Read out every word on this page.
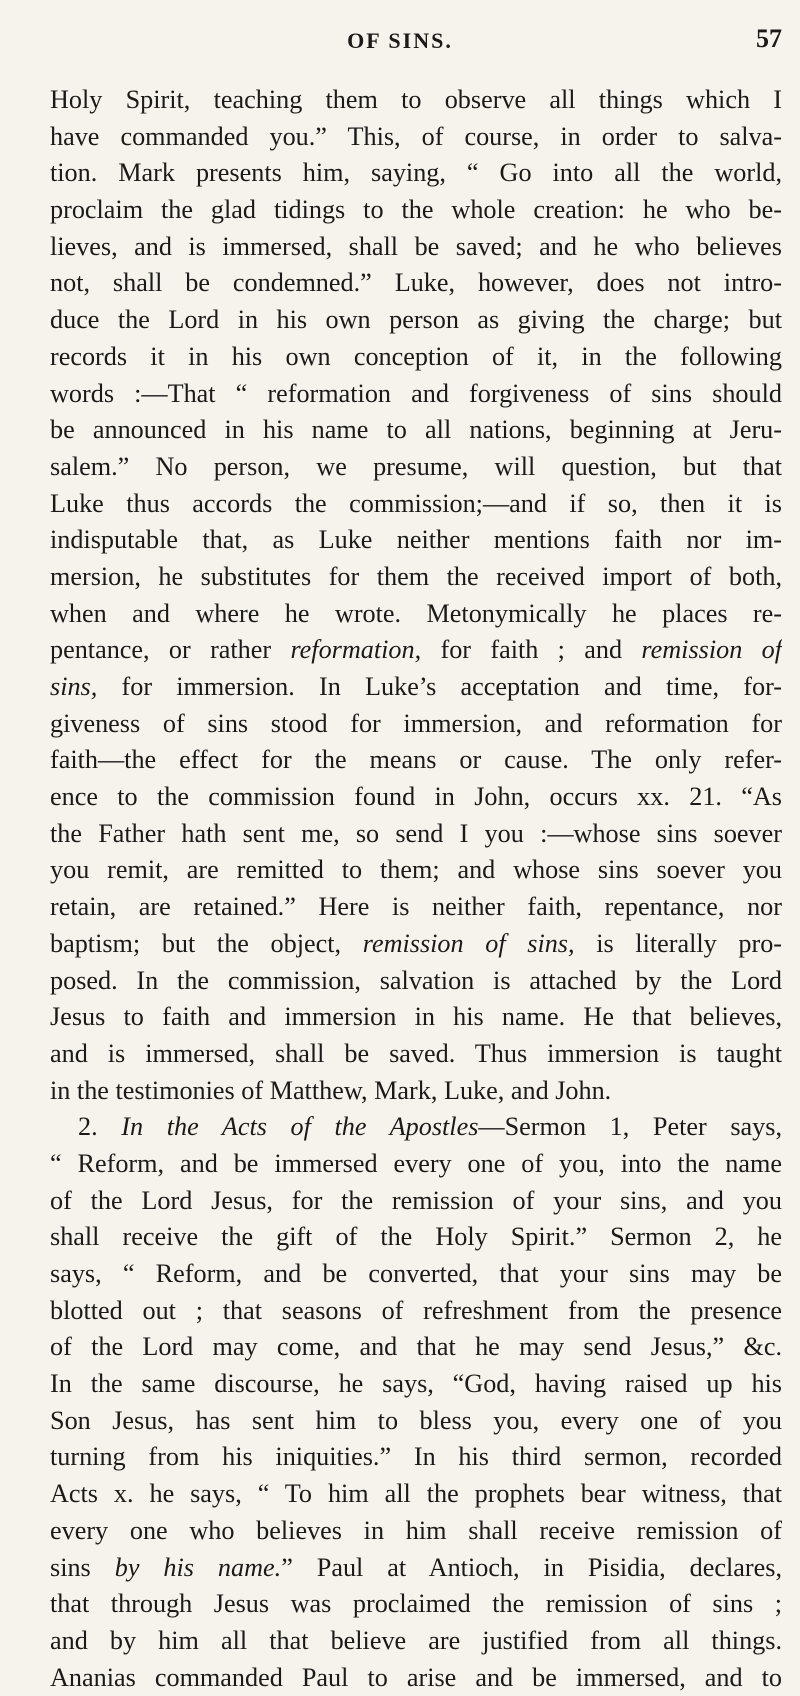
OF SINS.	57
Holy Spirit, teaching them to observe all things which I
have commanded you.” This, of course, in order to salva-
tion. Mark presents him, saying, “ Go into all the world,
proclaim the glad tidings to the whole creation: he who be-
lieves, and is immersed, shall be saved; and he who believes
not, shall be condemned.” Luke, however, does not intro-
duce the Lord in his own person as giving the charge; but
records it in his own conception of it, in the following
words :—That “ reformation and forgiveness of sins should
be announced in his name to all nations, beginning at Jeru-
salem.” No person, we presume, will question, but that
Luke thus accords the commission;—and if so, then it is
indisputable that, as Luke neither mentions faith nor im-
mersion, he substitutes for them the received import of both,
when and where he wrote. Metonymically he places re-
pentance, or rather reformation, for faith ; and remission of
sins, for immersion. In Luke’s acceptation and time, for-
giveness of sins stood for immersion, and reformation for
faith—the effect for the means or cause. The only refer-
ence to the commission found in John, occurs xx. 21. “As
the Father hath sent me, so send I you :—whose sins soever
you remit, are remitted to them; and whose sins soever you
retain, are retained.” Here is neither faith, repentance, nor
baptism; but the object, remission of sins, is literally pro-
posed. In the commission, salvation is attached by the Lord
Jesus to faith and immersion in his name. He that believes,
and is immersed, shall be saved. Thus immersion is taught
in the testimonies of Matthew, Mark, Luke, and John.
2. In the Acts of the Apostles—Sermon 1, Peter says,
“ Reform, and be immersed every one of you, into the name
of the Lord Jesus, for the remission of your sins, and you
shall receive the gift of the Holy Spirit.” Sermon 2, he
says, “ Reform, and be converted, that your sins may be
blotted out ; that seasons of refreshment from the presence
of the Lord may come, and that he may send Jesus,” &c.
In the same discourse, he says, “God, having raised up his
Son Jesus, has sent him to bless you, every one of you
turning from his iniquities.” In his third sermon, recorded
Acts x. he says, “ To him all the prophets bear witness, that
every one who believes in him shall receive remission of
sins by his name.” Paul at Antioch, in Pisidia, declares,
that through Jesus was proclaimed the remission of sins ;
and by him all that believe are justified from all things.
Ananias commanded Paul to arise and be immersed, and to
